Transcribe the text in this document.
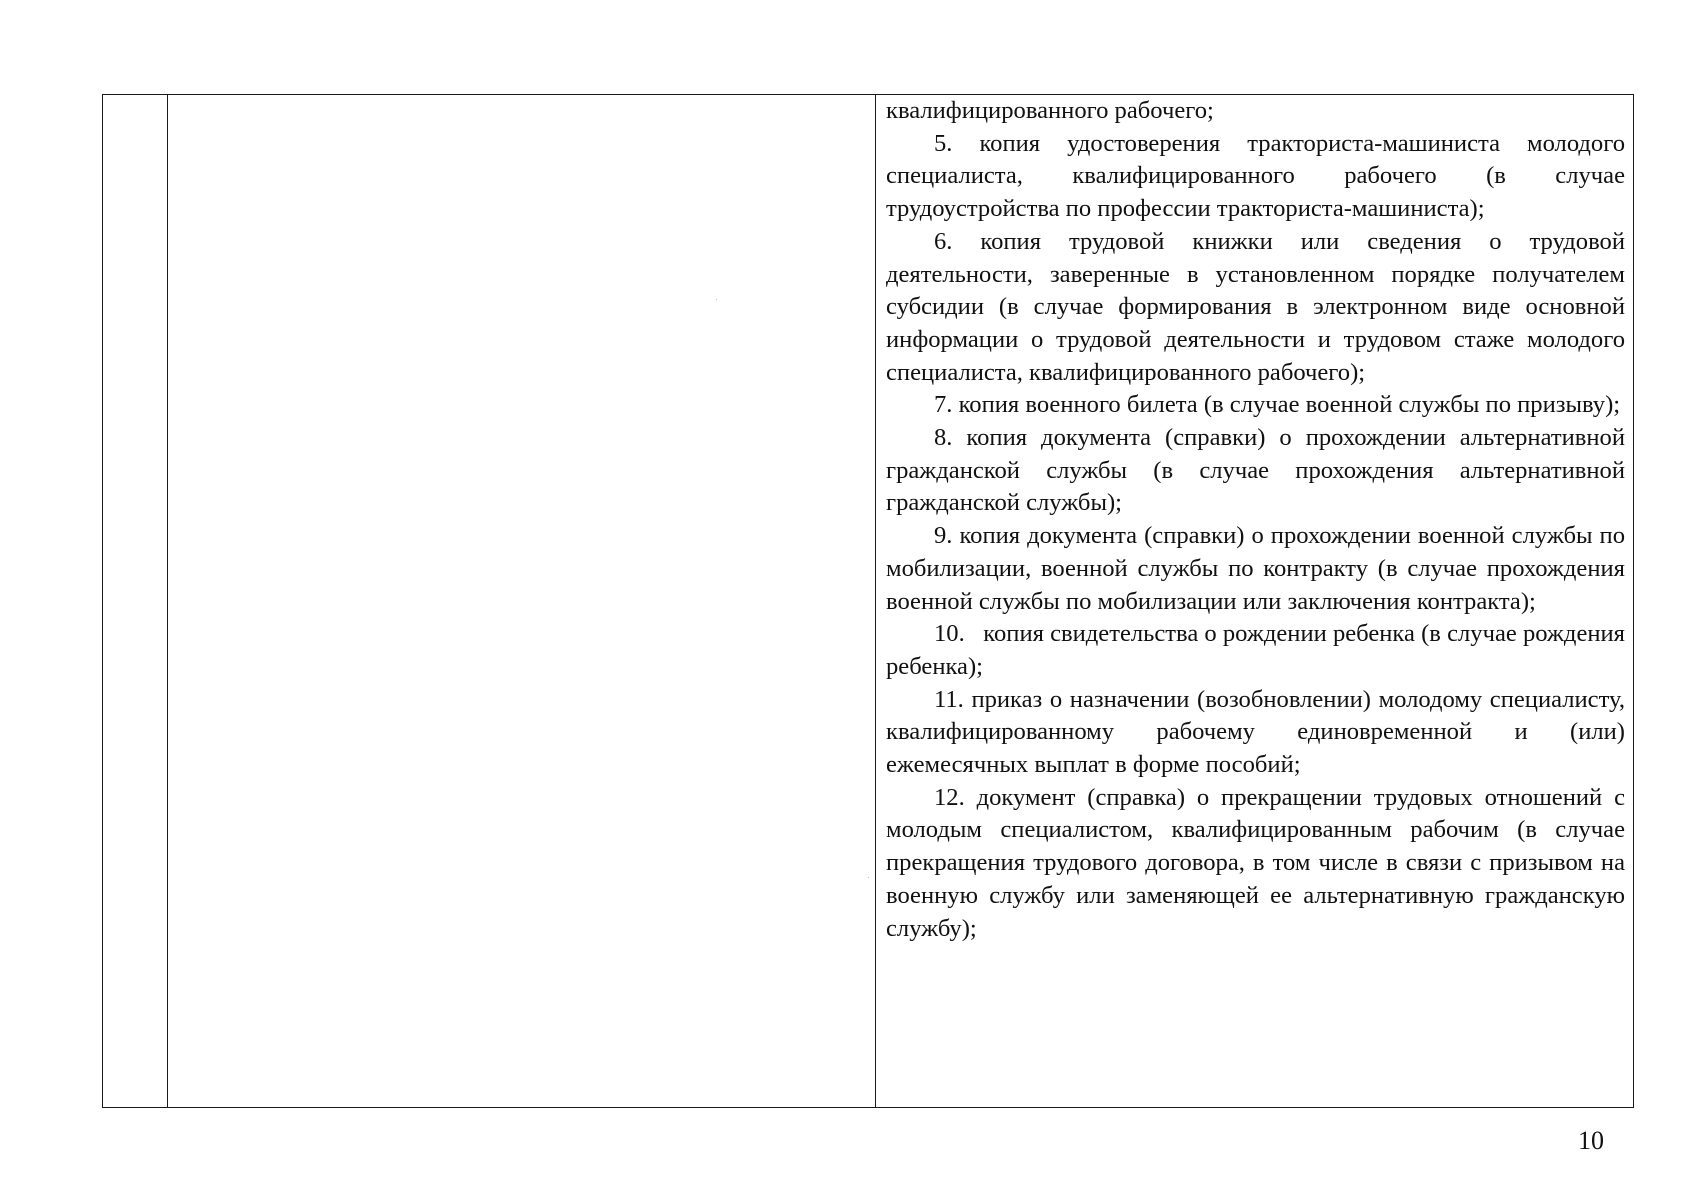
квалифицированного рабочего;

5. копия удостоверения тракториста-машиниста молодого специалиста, квалифицированного рабочего (в случае трудоустройства по профессии тракториста-машиниста);

6. копия трудовой книжки или сведения о трудовой деятельности, заверенные в установленном порядке получателем субсидии (в случае формирования в электронном виде основной информации о трудовой деятельности и трудовом стаже молодого специалиста, квалифицированного рабочего);

7. копия военного билета (в случае военной службы по призыву);

8. копия документа (справки) о прохождении альтернативной гражданской службы (в случае прохождения альтернативной гражданской службы);

9. копия документа (справки) о прохождении военной службы по мобилизации, военной службы по контракту (в случае прохождения военной службы по мобилизации или заключения контракта);

10.   копия свидетельства о рождении ребенка (в случае рождения ребенка);

11. приказ о назначении (возобновлении) молодому специалисту, квалифицированному рабочему единовременной и (или) ежемесячных выплат в форме пособий;

12. документ (справка) о прекращении трудовых отношений с молодым специалистом, квалифицированным рабочим (в случае прекращения трудового договора, в том числе в связи с призывом на военную службу или заменяющей ее альтернативную гражданскую службу);

10
